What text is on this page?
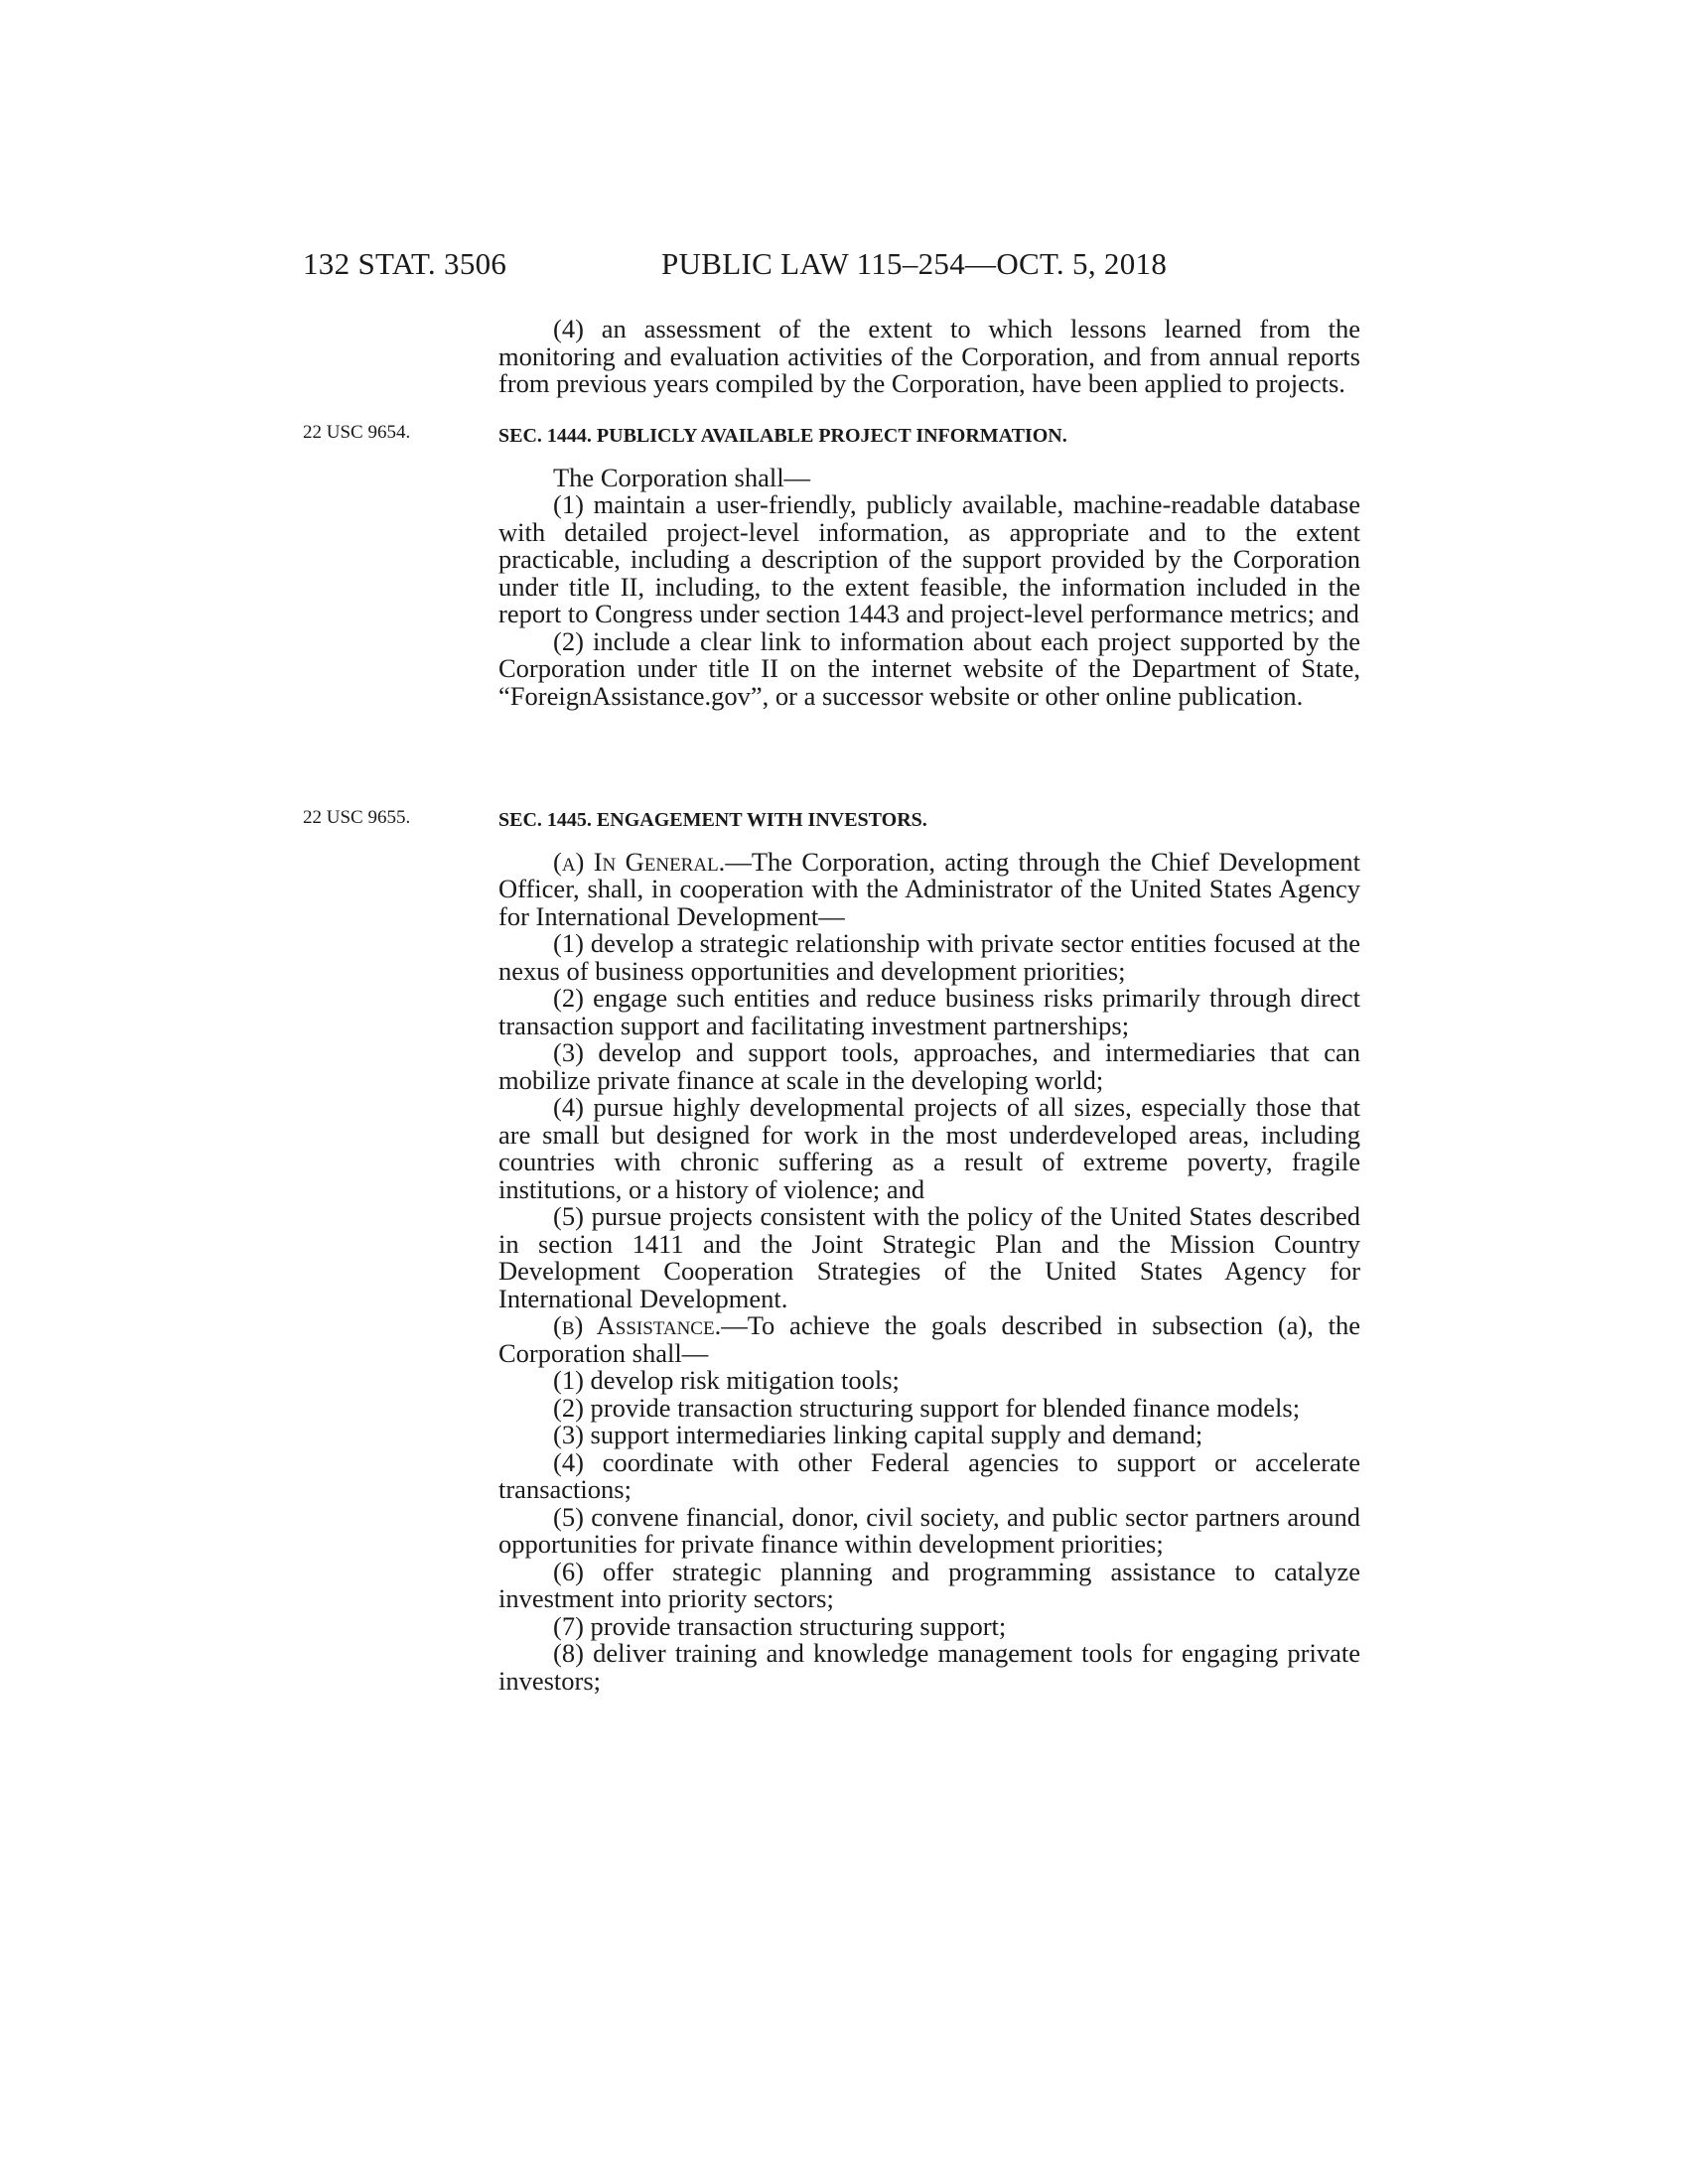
132 STAT. 3506	PUBLIC LAW 115–254—OCT. 5, 2018
22 USC 9654.
22 USC 9655.

(4) an assessment of the extent to which lessons learned from the monitoring and evaluation activities of the Corporation, and from annual reports from previous years compiled by the Corporation, have been applied to projects.

SEC. 1444. PUBLICLY AVAILABLE PROJECT INFORMATION.

The Corporation shall—

(1) maintain a user-friendly, publicly available, machine-readable database with detailed project-level information, as appropriate and to the extent practicable, including a description of the support provided by the Corporation under title II, including, to the extent feasible, the information included in the report to Congress under section 1443 and project-level performance metrics; and

(2) include a clear link to information about each project supported by the Corporation under title II on the internet website of the Department of State, “ForeignAssistance.gov”, or a successor website or other online publication.

SEC. 1445. ENGAGEMENT WITH INVESTORS.

(a) In General.—The Corporation, acting through the Chief Development Officer, shall, in cooperation with the Administrator of the United States Agency for International Development—

(1) develop a strategic relationship with private sector entities focused at the nexus of business opportunities and development priorities;

(2) engage such entities and reduce business risks primarily through direct transaction support and facilitating investment partnerships;

(3) develop and support tools, approaches, and intermediaries that can mobilize private finance at scale in the developing world;

(4) pursue highly developmental projects of all sizes, especially those that are small but designed for work in the most underdeveloped areas, including countries with chronic suffering as a result of extreme poverty, fragile institutions, or a history of violence; and

(5) pursue projects consistent with the policy of the United States described in section 1411 and the Joint Strategic Plan and the Mission Country Development Cooperation Strategies of the United States Agency for International Development.

(b) Assistance.—To achieve the goals described in subsection (a), the Corporation shall—

(1) develop risk mitigation tools;

(2) provide transaction structuring support for blended finance models;

(3) support intermediaries linking capital supply and demand;

(4) coordinate with other Federal agencies to support or accelerate transactions;

(5) convene financial, donor, civil society, and public sector partners around opportunities for private finance within development priorities;

(6) offer strategic planning and programming assistance to catalyze investment into priority sectors;

(7) provide transaction structuring support;

(8) deliver training and knowledge management tools for engaging private investors;
